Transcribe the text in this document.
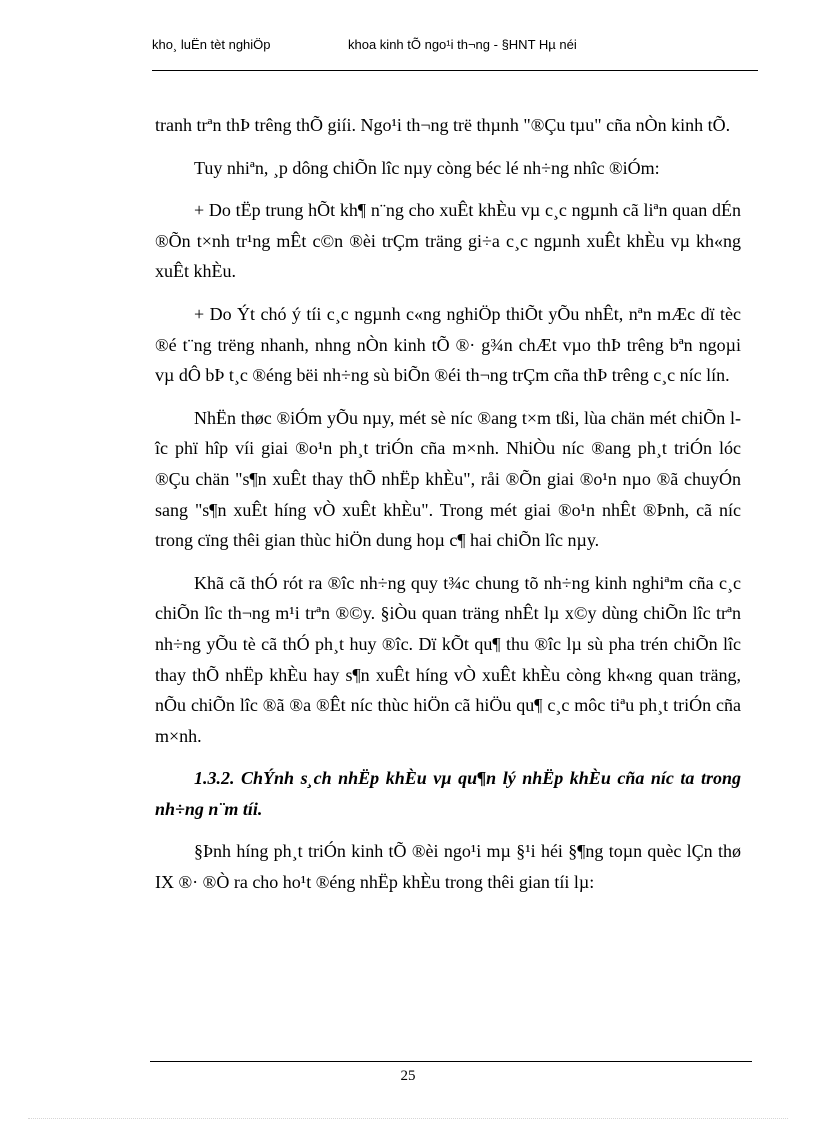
kho¸ luËn tèt nghiÖp	khoa kinh tÕ ngo¹i th¬ng - §HNT Hµ néi

tranh trªn thÞ trêng thÕ giíi. Ngo¹i th¬ng trë thµnh "®Çu tµu" cña nÒn kinh tÕ.

Tuy nhiªn, ¸p dông chiÕn lîc nµy còng béc lé nh÷ng nhîc ®iÓm:

+ Do tËp trung hÕt kh¶ n¨ng cho xuÊt khÈu vµ c¸c ngµnh cã liªn quan dÉn ®Õn t×nh tr¹ng mÊt c©n ®èi trÇm träng gi÷a c¸c ngµnh xuÊt khÈu vµ kh«ng xuÊt khÈu.

+ Do Ýt chó ý tíi c¸c ngµnh c«ng nghiÖp thiÕt yÕu nhÊt, nªn mÆc dï tèc ®é t¨ng trëng nhanh, nhng nÒn kinh tÕ ®· g¾n chÆt vµo thÞ trêng bªn ngoµi vµ dÔ bÞ t¸c ®éng bëi nh÷ng sù biÕn ®éi th¬ng trÇm cña thÞ trêng c¸c níc lín.

NhËn thøc ®iÓm yÕu nµy, mét sè níc ®ang t×m tßi, lùa chän mét chiÕn lîc phï hîp víi giai ®o¹n ph¸t triÓn cña m×nh. NhiÒu níc ®ang ph¸t triÓn lóc ®Çu chän "s¶n xuÊt thay thÕ nhËp khÈu", råi ®Õn giai ®o¹n nµo ®ã chuyÓn sang "s¶n xuÊt híng vÒ xuÊt khÈu". Trong mét giai ®o¹n nhÊt ®Þnh, cã níc trong cïng thêi gian thùc hiÖn dung hoµ c¶ hai chiÕn lîc nµy.

Khã cã thÓ rót ra ®îc nh÷ng quy t¾c chung tõ nh÷ng kinh nghiªm cña c¸c chiÕn lîc th¬ng m¹i trªn ®©y. §iÒu quan träng nhÊt lµ x©y dùng chiÕn lîc trªn nh÷ng yÕu tè cã thÓ ph¸t huy ®îc. Dï kÕt qu¶ thu ®îc lµ sù pha trén chiÕn lîc thay thÕ nhËp khÈu hay s¶n xuÊt híng vÒ xuÊt khÈu còng kh«ng quan träng, nÕu chiÕn lîc ®ã ®a ®Êt níc thùc hiÖn cã hiÖu qu¶ c¸c môc tiªu ph¸t triÓn cña m×nh.

1.3.2. ChÝnh s¸ch nhËp khÈu vµ qu¶n lý nhËp khÈu cña níc ta trong nh÷ng n¨m tíi.

§Þnh híng ph¸t triÓn kinh tÕ ®èi ngo¹i mµ §¹i héi §¶ng toµn quèc lÇn thø IX ®· ®Ò ra cho ho¹t ®éng nhËp khÈu trong thêi gian tíi lµ:

25
